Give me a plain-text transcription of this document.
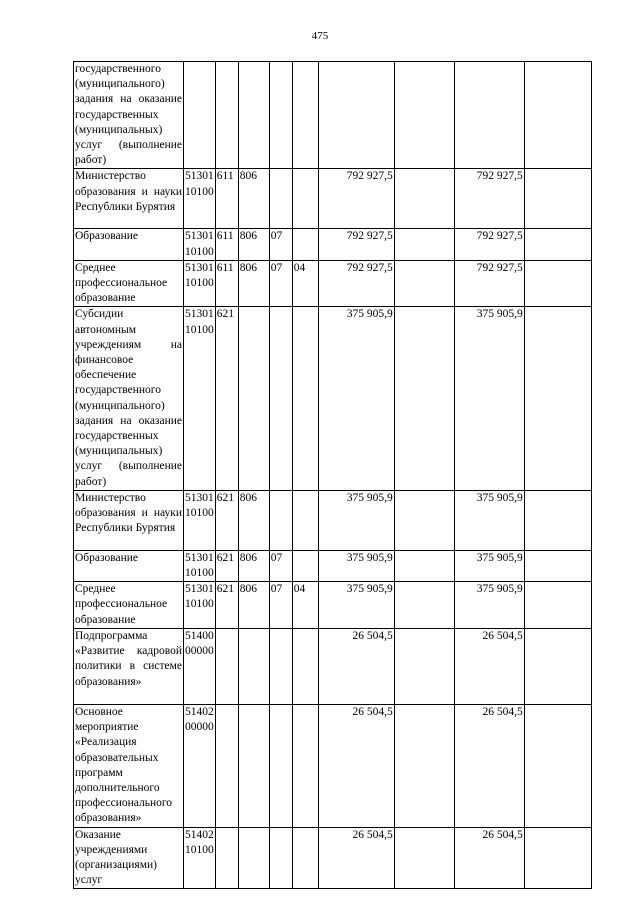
475
государственного (муниципального) задания на оказание государственных (муниципальных) услуг (выполнение работ)									
Министерство образования и науки Республики Бурятия	51301 10100	611	806			792 927,5		792 927,5	
Образование	51301 10100	611	806	07		792 927,5		792 927,5	
Среднее профессиональное образование	51301 10100	611	806	07	04	792 927,5		792 927,5	
Субсидии автономным учреждениям на финансовое обеспечение государственного (муниципального) задания на оказание государственных (муниципальных) услуг (выполнение работ)	51301 10100	621				375 905,9		375 905,9	
Министерство образования и науки Республики Бурятия	51301 10100	621	806			375 905,9		375 905,9	
Образование	51301 10100	621	806	07		375 905,9		375 905,9	
Среднее профессиональное образование	51301 10100	621	806	07	04	375 905,9		375 905,9	
Подпрограмма «Развитие кадровой политики в системе образования»	51400 00000					26 504,5		26 504,5	
Основное мероприятие «Реализация образовательных программ дополнительного профессионального образования»	51402 00000					26 504,5		26 504,5	
Оказание учреждениями (организациями) услуг	51402 10100					26 504,5		26 504,5	
